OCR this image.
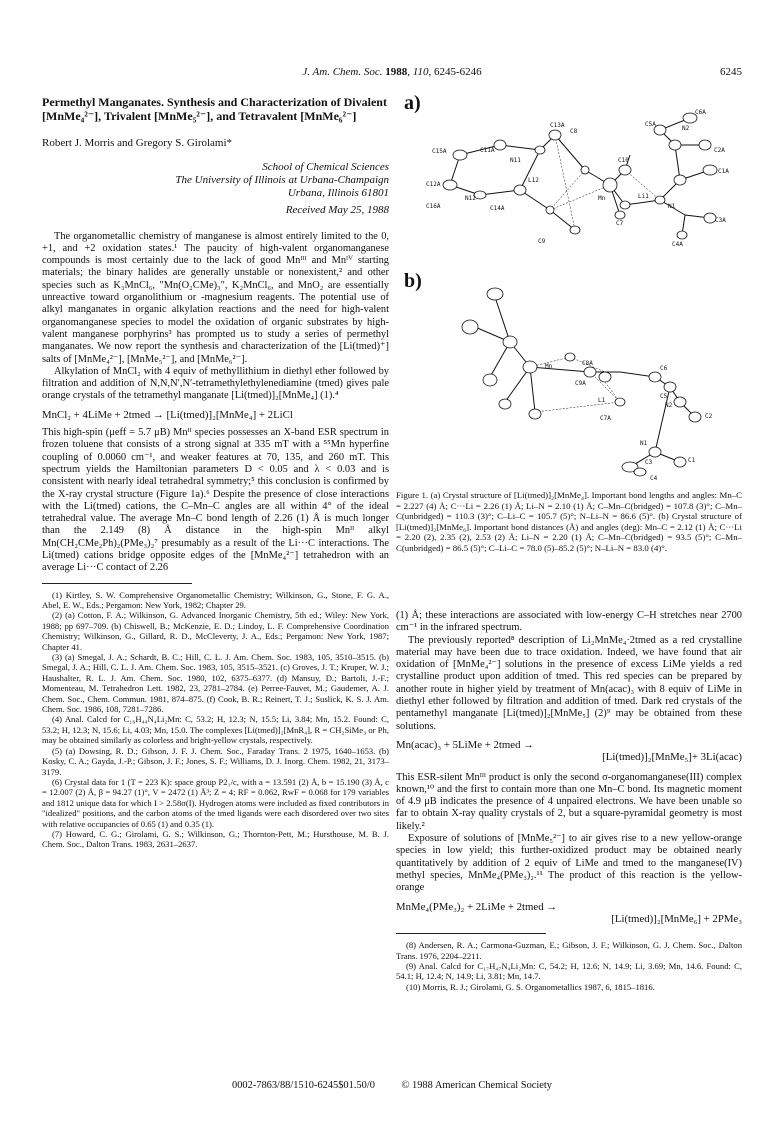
J. Am. Chem. Soc. 1988, 110, 6245-6246	6245
Permethyl Manganates. Synthesis and Characterization of Divalent [MnMe₄²⁻], Trivalent [MnMe₅²⁻], and Tetravalent [MnMe₆²⁻]
Robert J. Morris and Gregory S. Girolami*
School of Chemical Sciences
The University of Illinois at Urbana-Champaign
Urbana, Illinois 61801
Received May 25, 1988

The organometallic chemistry of manganese is almost entirely limited to the 0, +1, and +2 oxidation states.¹ The paucity of high-valent organomanganese compounds is most certainly due to the lack of good Mnᴵᴵᴵ and Mnᴵⱽ starting materials; the binary halides are generally unstable or nonexistent,² and other species such as K₃MnCl₆, "Mn(O₂CMe)₃", K₂MnCl₆, and MnO₂ are essentially unreactive toward organolithium or -magnesium reagents. The potential use of alkyl manganates in organic alkylation reactions and the need for high-valent organomanganese species to model the oxidation of organic substrates by high-valent manganese porphyrins³ has prompted us to study a series of permethyl manganates. We now report the synthesis and characterization of the [Li(tmed)⁺] salts of [MnMe₄²⁻], [MnMe₅²⁻], and [MnMe₆²⁻].

Alkylation of MnCl₂ with 4 equiv of methyllithium in diethyl ether followed by filtration and addition of N,N,N′,N′-tetramethylethylenediamine (tmed) gives pale orange crystals of the tetramethyl manganate [Li(tmed)]₂[MnMe₄] (1).⁴

MnCl₂ + 4LiMe + 2tmed → [Li(tmed)]₂[MnMe₄] + 2LiCl

This high-spin (μeff = 5.7 μB) Mnᴵᴵ species possesses an X-band ESR spectrum in frozen toluene that consists of a strong signal at 335 mT with a ⁵⁵Mn hyperfine coupling of 0.0060 cm⁻¹, and weaker features at 70, 135, and 260 mT. This spectrum yields the Hamiltonian parameters D < 0.05 and λ < 0.03 and is consistent with nearly ideal tetrahedral symmetry;⁵ this conclusion is confirmed by the X-ray crystal structure (Figure 1a).⁶ Despite the presence of close interactions with the Li(tmed) cations, the C–Mn–C angles are all within 4° of the ideal tetrahedral value. The average Mn–C bond length of 2.26 (1) Å is much longer than the 2.149 (8) Å distance in the high-spin Mnᴵᴵ alkyl Mn(CH₂CMe₂Ph)₂(PMe₃)₂⁷ presumably as a result of the Li···C interactions. The Li(tmed) cations bridge opposite edges of the [MnMe₄²⁻] tetrahedron with an average Li···C contact of 2.26

(1) Kirtley, S. W. Comprehensive Organometallic Chemistry; Wilkinson, G., Stone, F. G. A., Abel, E. W., Eds.; Pergamon: New York, 1982; Chapter 29.

(2) (a) Cotton, F. A.; Wilkinson, G. Advanced Inorganic Chemistry, 5th ed.; Wiley: New York, 1988; pp 697–709. (b) Chiswell, B.; McKenzie, E. D.; Lindoy, L. F. Comprehensive Coordination Chemistry; Wilkinson, G., Gillard, R. D., McCleverty, J. A., Eds.; Pergamon: New York, 1987; Chapter 41.

(3) (a) Smegal, J. A.; Schardt, B. C.; Hill, C. L. J. Am. Chem. Soc. 1983, 105, 3510–3515. (b) Smegal, J. A.; Hill, C. L. J. Am. Chem. Soc. 1983, 105, 3515–3521. (c) Groves, J. T.; Kruper, W. J.; Haushalter, R. L. J. Am. Chem. Soc. 1980, 102, 6375–6377. (d) Mansuy, D.; Bartoli, J.-F.; Momenteau, M. Tetrahedron Lett. 1982, 23, 2781–2784. (e) Perree-Fauvet, M.; Gaudemer, A. J. Chem. Soc., Chem. Commun. 1981, 874–875. (f) Cook, B. R.; Reinert, T. J.; Suslick, K. S. J. Am. Chem. Soc. 1986, 108, 7281–7286.

(4) Anal. Calcd for C₁₆H₄₄N₄Li₂Mn: C, 53.2; H, 12.3; N, 15.5; Li, 3.84; Mn, 15.2. Found: C, 53.2; H, 12.3; N, 15.6; Li, 4.03; Mn, 15.0. The complexes [Li(tmed)]₂[MnR₄], R = CH₂SiMe₃ or Ph, may be obtained similarly as colorless and bright-yellow crystals, respectively.

(5) (a) Dowsing, R. D.; Gibson, J. F. J. Chem. Soc., Faraday Trans. 2 1975, 1640–1653. (b) Kosky, C. A.; Gayda, J.-P.; Gibson, J. F.; Jones, S. F.; Williams, D. J. Inorg. Chem. 1982, 21, 3173–3179.

(6) Crystal data for 1 (T = 223 K): space group P2₁/c, with a = 13.591 (2) Å, b = 15.190 (3) Å, c = 12.007 (2) Å, β = 94.27 (1)°, V = 2472 (1) Å³; Z = 4; RF = 0.062, RwF = 0.068 for 179 variables and 1812 unique data for which I > 2.58σ(I). Hydrogen atoms were included as fixed contributors in "idealized" positions, and the carbon atoms of the tmed ligands were each disordered over two sites with relative occupancies of 0.65 (1) and 0.35 (1).

(7) Howard, C. G.; Girolami, G. S.; Wilkinson, G.; Thornton-Pett, M.; Hursthouse, M. B. J. Chem. Soc., Dalton Trans. 1983, 2631–2637.

a)
b)
C13A
C8
C5A
C6A
N2
C15A	C11A
N11
C2A
C10
C1A
C12A
N12
L12
Mn	Li1
N1
C16A	C14A
C7	C3A
C4A
C9
C8A
Mn
C9A
C6
C5
N2
L1
C7A	C2
N1
C1
C3
C4
Figure 1. (a) Crystal structure of [Li(tmed)]₂[MnMe₄]. Important bond lengths and angles: Mn–C = 2.227 (4) Å; C···Li = 2.26 (1) Å; Li–N = 2.10 (1) Å; C–Mn–C(bridged) = 107.8 (3)°; C–Mn–C(unbridged) = 110.3 (3)°; C–Li–C = 105.7 (5)°; N–Li–N = 86.6 (5)°. (b) Crystal structure of [Li(tmed)]₂[MnMe₆]. Important bond distances (Å) and angles (deg): Mn–C = 2.12 (1) Å; C···Li = 2.20 (2), 2.35 (2), 2.53 (2) Å; Li–N = 2.20 (1) Å; C–Mn–C(bridged) = 93.5 (5)°; C–Mn–C(unbridged) = 86.5 (5)°; C–Li–C = 78.0 (5)–85.2 (5)°; N–Li–N = 83.0 (4)°.

(1) Å; these interactions are associated with low-energy C–H stretches near 2700 cm⁻¹ in the infrared spectrum.

The previously reported⁸ description of Li₂MnMe₄·2tmed as a red crystalline material may have been due to trace oxidation. Indeed, we have found that air oxidation of [MnMe₄²⁻] solutions in the presence of excess LiMe yields a red crystalline product upon addition of tmed. This red species can be prepared by another route in higher yield by treatment of Mn(acac)₃ with 8 equiv of LiMe in diethyl ether followed by filtration and addition of tmed. Dark red crystals of the pentamethyl manganate [Li(tmed)]₂[MnMe₅] (2)⁹ may be obtained from these solutions.

Mn(acac)₃ + 5LiMe + 2tmed →
[Li(tmed)]₂[MnMe₅]+ 3Li(acac)

This ESR-silent Mnᴵᴵᴵ product is only the second σ-organomanganese(III) complex known,¹⁰ and the first to contain more than one Mn–C bond. Its magnetic moment of 4.9 μB indicates the presence of 4 unpaired electrons. We have been unable so far to obtain X-ray quality crystals of 2, but a square-pyramidal geometry is most likely.²

Exposure of solutions of [MnMe₅²⁻] to air gives rise to a new yellow-orange species in low yield; this further-oxidized product may be obtained nearly quantitatively by addition of 2 equiv of LiMe and tmed to the manganese(IV) methyl species, MnMe₄(PMe₃)₂.¹¹ The product of this reaction is the yellow-orange

MnMe₄(PMe₃)₂ + 2LiMe + 2tmed →
[Li(tmed)]₂[MnMe₆] + 2PMe₃

(8) Andersen, R. A.; Carmona-Guzman, E.; Gibson, J. F.; Wilkinson, G. J. Chem. Soc., Dalton Trans. 1976, 2204–2211.

(9) Anal. Calcd for C₁₇H₄₇N₄Li₂Mn: C, 54.2; H, 12.6; N, 14.9; Li, 3.69; Mn, 14.6. Found: C, 54.1; H, 12.4; N, 14.9; Li, 3.81; Mn, 14.7.

(10) Morris, R. J.; Girolami, G. S. Organometallics 1987, 6, 1815–1816.

0002-7863/88/1510-6245$01.50/0	© 1988 American Chemical Society
